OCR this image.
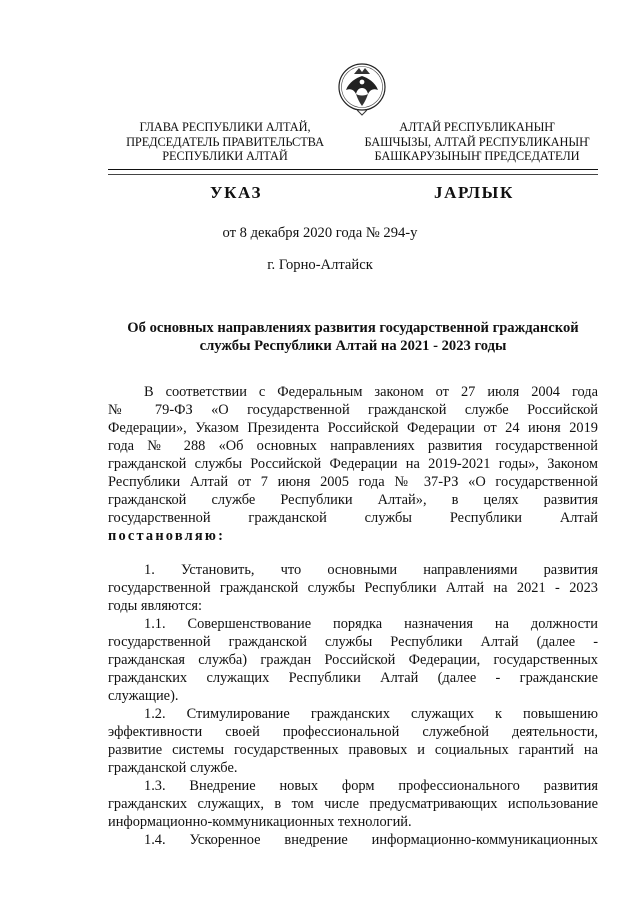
ГЛАВА РЕСПУБЛИКИ АЛТАЙ,
ПРЕДСЕДАТЕЛЬ ПРАВИТЕЛЬСТВА
РЕСПУБЛИКИ АЛТАЙ
АЛТАЙ РЕСПУБЛИКАНЫҤ
БАШЧЫЗЫ, АЛТАЙ РЕСПУБЛИКАНЫҤ
БАШКАРУЗЫНЫҤ ПРЕДСЕДАТЕЛИ
УКАЗ	ЈАРЛЫК
от 8 декабря 2020 года № 294-у
г. Горно-Алтайск
Об основных направлениях развития государственной гражданской
службы Республики Алтай на 2021 - 2023 годы
В соответствии с Федеральным законом от 27 июля 2004 года
№ 79-ФЗ «О государственной гражданской службе Российской
Федерации», Указом Президента Российской Федерации от 24 июня 2019
года № 288 «Об основных направлениях развития государственной
гражданской службы Российской Федерации на 2019-2021 годы», Законом
Республики Алтай от 7 июня 2005 года № 37-РЗ «О государственной
гражданской службе Республики Алтай», в целях развития
государственной гражданской службы Республики Алтай
постановляю:
1. Установить, что основными направлениями развития
государственной гражданской службы Республики Алтай на 2021 - 2023
годы являются:
1.1. Совершенствование порядка назначения на должности
государственной гражданской службы Республики Алтай (далее -
гражданская служба) граждан Российской Федерации, государственных
гражданских служащих Республики Алтай (далее - гражданские
служащие).
1.2. Стимулирование гражданских служащих к повышению
эффективности своей профессиональной служебной деятельности,
развитие системы государственных правовых и социальных гарантий на
гражданской службе.
1.3. Внедрение новых форм профессионального развития
гражданских служащих, в том числе предусматривающих использование
информационно-коммуникационных технологий.
1.4. Ускоренное внедрение информационно-коммуникационных
